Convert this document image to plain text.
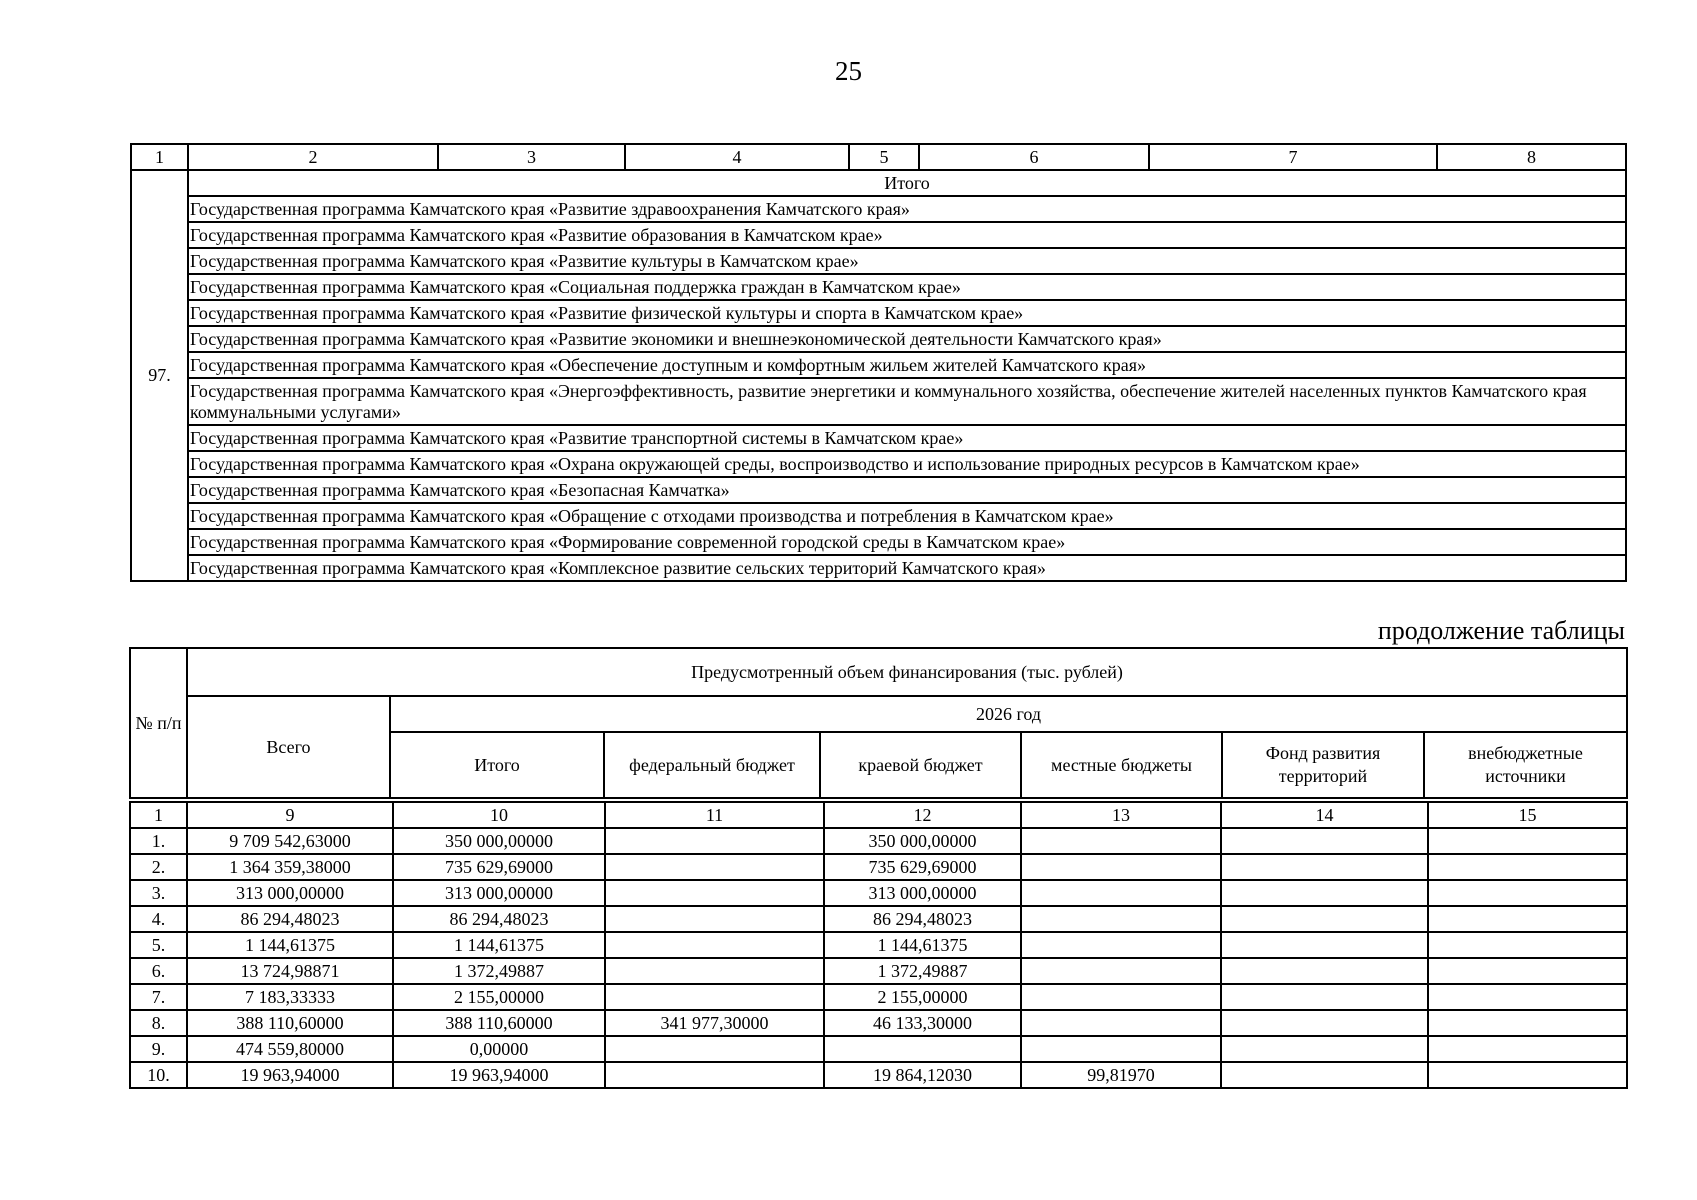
25
1	2	3	4	5	6	7	8
97.	Итого						
	Государственная программа Камчатского края «Развитие здравоохранения Камчатского края»						
	Государственная программа Камчатского края «Развитие образования в Камчатском крае»						
	Государственная программа Камчатского края «Развитие культуры в Камчатском крае»						
	Государственная программа Камчатского края «Социальная поддержка граждан в Камчатском крае»						
	Государственная программа Камчатского края «Развитие физической культуры и спорта в Камчатском крае»						
	Государственная программа Камчатского края «Развитие экономики и внешнеэкономической деятельности Камчатского края»						
	Государственная программа Камчатского края «Обеспечение доступным и комфортным жильем жителей Камчатского края»						
	Государственная программа Камчатского края «Энергоэффективность, развитие энергетики и коммунального хозяйства, обеспечение жителей населенных пунктов Камчатского края коммунальными услугами»						
	Государственная программа Камчатского края «Развитие транспортной системы в Камчатском крае»						
	Государственная программа Камчатского края «Охрана окружающей среды, воспроизводство и использование природных ресурсов в Камчатском крае»						
	Государственная программа Камчатского края «Безопасная Камчатка»						
	Государственная программа Камчатского края «Обращение с отходами производства и потребления в Камчатском крае»						
	Государственная программа Камчатского края «Формирование современной городской среды в Камчатском крае»						
	Государственная программа Камчатского края «Комплексное развитие сельских территорий Камчатского края»						
продолжение таблицы
№ п/п	Предусмотренный объем финансирования (тыс. рублей)						
	Всего	2026 год					
		Итого	федеральный бюджет	краевой бюджет	местные бюджеты	Фонд развития территорий	внебюджетные источники
1	9	10	11	12	13	14	15
1.	9 709 542,63000	350 000,00000		350 000,00000			
2.	1 364 359,38000	735 629,69000		735 629,69000			
3.	313 000,00000	313 000,00000		313 000,00000			
4.	86 294,48023	86 294,48023		86 294,48023			
5.	1 144,61375	1 144,61375		1 144,61375			
6.	13 724,98871	1 372,49887		1 372,49887			
7.	7 183,33333	2 155,00000		2 155,00000			
8.	388 110,60000	388 110,60000	341 977,30000	46 133,30000			
9.	474 559,80000	0,00000					
10.	19 963,94000	19 963,94000		19 864,12030	99,81970		
